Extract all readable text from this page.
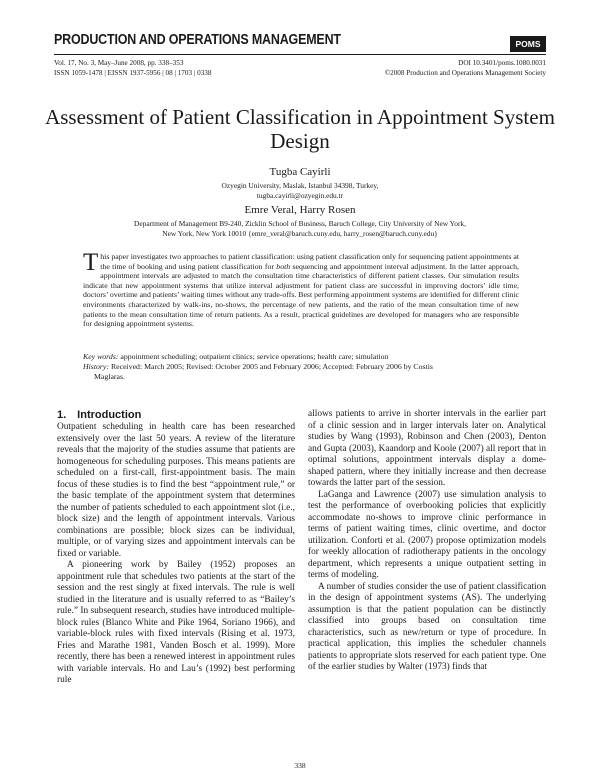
PRODUCTION AND OPERATIONS MANAGEMENT	POMS
Vol. 17, No. 3, May–June 2008, pp. 338–353
ISSN 1059-1478 | EISSN 1937-5956 | 08 | 1703 | 0338
DOI 10.3401/poms.1080.0031
©2008 Production and Operations Management Society
Assessment of Patient Classification in Appointment System Design
Tugba Cayirli
Ozyegin University, Maslak, Istanbul 34398, Turkey,
tugba.cayirli@ozyegin.edu.tr
Emre Veral, Harry Rosen
Department of Management B9-240, Zicklin School of Business, Baruch College, City University of New York,
New York, New York 10010 {emre_veral@baruch.cuny.edu, harry_rosen@baruch.cuny.edu}
This paper investigates two approaches to patient classification: using patient classification only for sequencing patient appointments at the time of booking and using patient classification for both sequencing and appointment interval adjustment. In the latter approach, appointment intervals are adjusted to match the consultation time characteristics of different patient classes. Our simulation results indicate that new appointment systems that utilize interval adjustment for patient class are successful in improving doctors’ idle time, doctors’ overtime and patients’ waiting times without any trade-offs. Best performing appointment systems are identified for different clinic environments characterized by walk-ins, no-shows, the percentage of new patients, and the ratio of the mean consultation time of new patients to the mean consultation time of return patients. As a result, practical guidelines are developed for managers who are responsible for designing appointment systems.
Key words: appointment scheduling; outpatient clinics; service operations; health care; simulation
History: Received: March 2005; Revised: October 2005 and February 2006; Accepted: February 2006 by Costis
Maglaras.
1. Introduction

Outpatient scheduling in health care has been researched extensively over the last 50 years. A review of the literature reveals that the majority of the studies assume that patients are homogeneous for scheduling purposes. This means patients are scheduled on a first-call, first-appointment basis. The main focus of these studies is to find the best “appointment rule,” or the basic template of the appointment system that determines the number of patients scheduled to each appointment slot (i.e., block size) and the length of appointment intervals. Various combinations are possible; block sizes can be individual, multiple, or of varying sizes and appointment intervals can be fixed or variable.

A pioneering work by Bailey (1952) proposes an appointment rule that schedules two patients at the start of the session and the rest singly at fixed intervals. The rule is well studied in the literature and is usually referred to as “Bailey’s rule.” In subsequent research, studies have introduced multiple-block rules (Blanco White and Pike 1964, Soriano 1966), and variable-block rules with fixed intervals (Rising et al. 1973, Fries and Marathe 1981, Vanden Bosch et al. 1999). More recently, there has been a renewed interest in appointment rules with variable intervals. Ho and Lau’s (1992) best performing rule

allows patients to arrive in shorter intervals in the earlier part of a clinic session and in larger intervals later on. Analytical studies by Wang (1993), Robinson and Chen (2003), Denton and Gupta (2003), Kaandorp and Koole (2007) all report that in optimal solutions, appointment intervals display a dome-shaped pattern, where they initially increase and then decrease towards the latter part of the session.

LaGanga and Lawrence (2007) use simulation analysis to test the performance of overbooking policies that explicitly accommodate no-shows to improve clinic performance in terms of patient waiting times, clinic overtime, and doctor utilization. Conforti et al. (2007) propose optimization models for weekly allocation of radiotherapy patients in the oncology department, which represents a unique outpatient setting in terms of modeling.

A number of studies consider the use of patient classification in the design of appointment systems (AS). The underlying assumption is that the patient population can be distinctly classified into groups based on consultation time characteristics, such as new/return or type of procedure. In practical application, this implies the scheduler channels patients to appropriate slots reserved for each patient type. One of the earlier studies by Walter (1973) finds that

338
